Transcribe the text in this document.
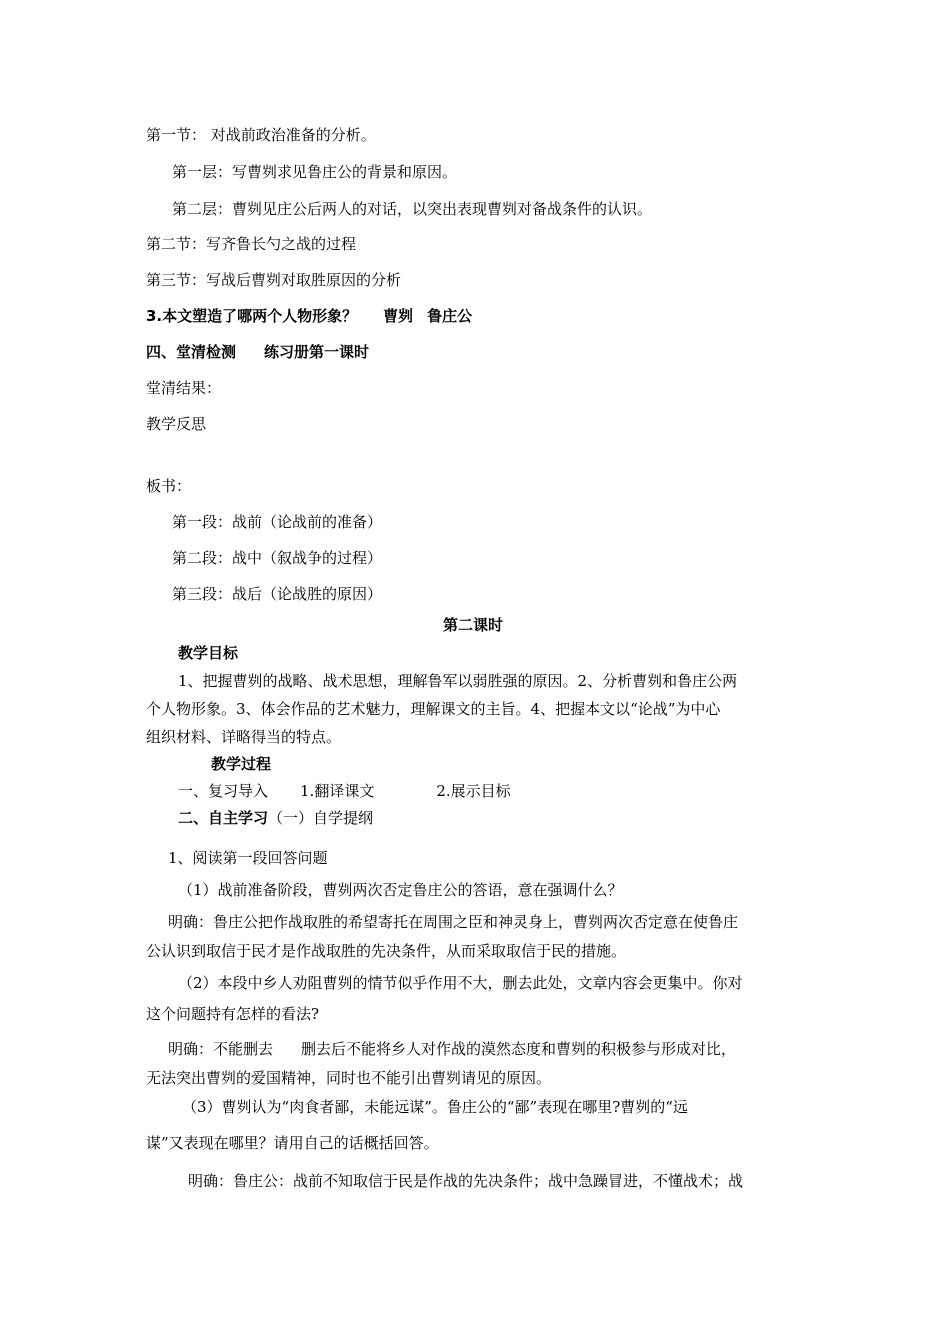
第一节： 对战前政治准备的分析。
第一层：写曹刿求见鲁庄公的背景和原因。
第二层：曹刿见庄公后两人的对话，以突出表现曹刿对备战条件的认识。
第二节：写齐鲁长勺之战的过程
第三节：写战后曹刿对取胜原因的分析
3.本文塑造了哪两个人物形象？ 曹刿 鲁庄公
四、堂清检测 练习册第一课时
堂清结果：
教学反思
板书：
第一段：战前（论战前的准备）
第二段：战中（叙战争的过程）
第三段：战后（论战胜的原因）
第二课时
教学目标
1、把握曹刿的战略、战术思想，理解鲁军以弱胜强的原因。2、分析曹刿和鲁庄公两
个人物形象。3、体会作品的艺术魅力，理解课文的主旨。4、把握本文以“论战”为中心
组织材料、详略得当的特点。
教学过程
一、复习导入 1.翻译课文	2.展示目标
二、自主学习（一）自学提纲
1、阅读第一段回答问题
（1）战前准备阶段，曹刿两次否定鲁庄公的答语，意在强调什么？
明确：鲁庄公把作战取胜的希望寄托在周围之臣和神灵身上，曹刿两次否定意在使鲁庄
公认识到取信于民才是作战取胜的先决条件，从而采取取信于民的措施。
（2）本段中乡人劝阻曹刿的情节似乎作用不大，删去此处，文章内容会更集中。你对
这个问题持有怎样的看法?
明确：不能删去 删去后不能将乡人对作战的漠然态度和曹刿的积极参与形成对比，
无法突出曹刿的爱国精神，同时也不能引出曹刿请见的原因。
（3）曹刿认为“肉食者鄙，未能远谋”。鲁庄公的“鄙”表现在哪里?曹刿的“远
谋”又表现在哪里？请用自己的话概括回答。
明确：鲁庄公：战前不知取信于民是作战的先决条件；战中急躁冒进，不懂战术；战
